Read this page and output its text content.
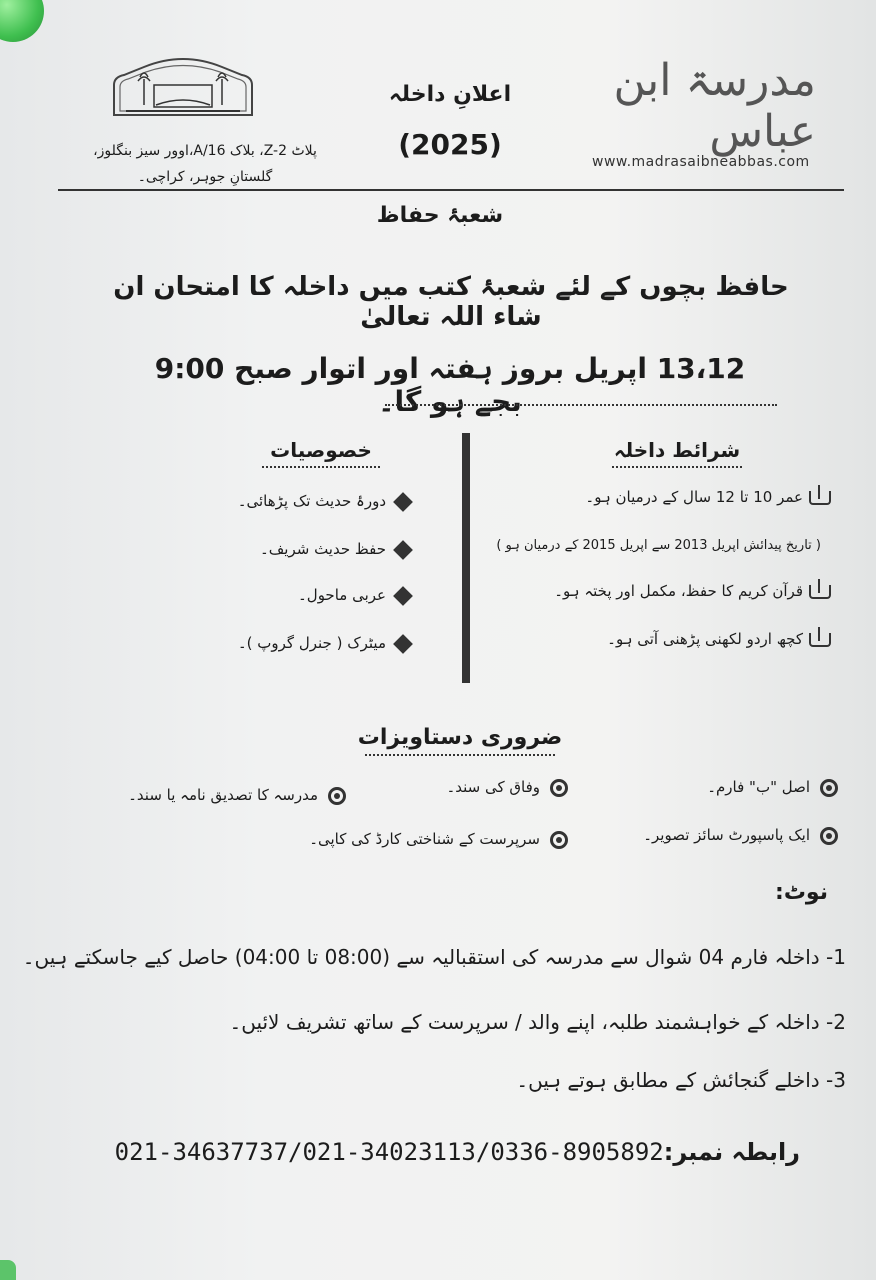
مدرسۃ ابن عباس
www.madrasaibneabbas.com
اعلانِ داخلہ
(2025)
پلاٹ Z-2، بلاک A/16،اوور سیز بنگلوز،
گلستانِ جوہر، کراچی۔
شعبۂ حفاظ
حافظ بچوں کے لئے شعبۂ کتب میں داخلہ کا امتحان ان شاء اللہ تعالیٰ
13،12 اپریل بروز ہفتہ اور اتوار صبح 9:00 بجے ہو گا۔
شرائط داخلہ
عمر 10 تا 12 سال کے درمیان ہو۔
( تاریخ پیدائش اپریل 2013 سے اپریل 2015 کے درمیان ہو )
قرآن کریم کا حفظ، مکمل اور پختہ ہو۔
کچھ اردو لکھنی پڑھنی آتی ہو۔
خصوصیات
دورۂ حدیث تک پڑھائی۔
حفظ حدیث شریف۔
عربی ماحول۔
میٹرک ( جنرل گروپ )۔
ضروری دستاویزات
اصل "ب" فارم۔
وفاق کی سند۔
مدرسہ کا تصدیق نامہ یا سند۔
ایک پاسپورٹ سائز تصویر۔
سرپرست کے شناختی کارڈ کی کاپی۔
نوٹ:
1- داخلہ فارم 04 شوال سے مدرسہ کی استقبالیہ سے (08:00 تا 04:00) حاصل کیے جاسکتے ہیں۔
2- داخلہ کے خواہشمند طلبہ، اپنے والد / سرپرست کے ساتھ تشریف لائیں۔
3- داخلے گنجائش کے مطابق ہوتے ہیں۔
رابطہ نمبر:021-34637737/021-34023113/0336-8905892
